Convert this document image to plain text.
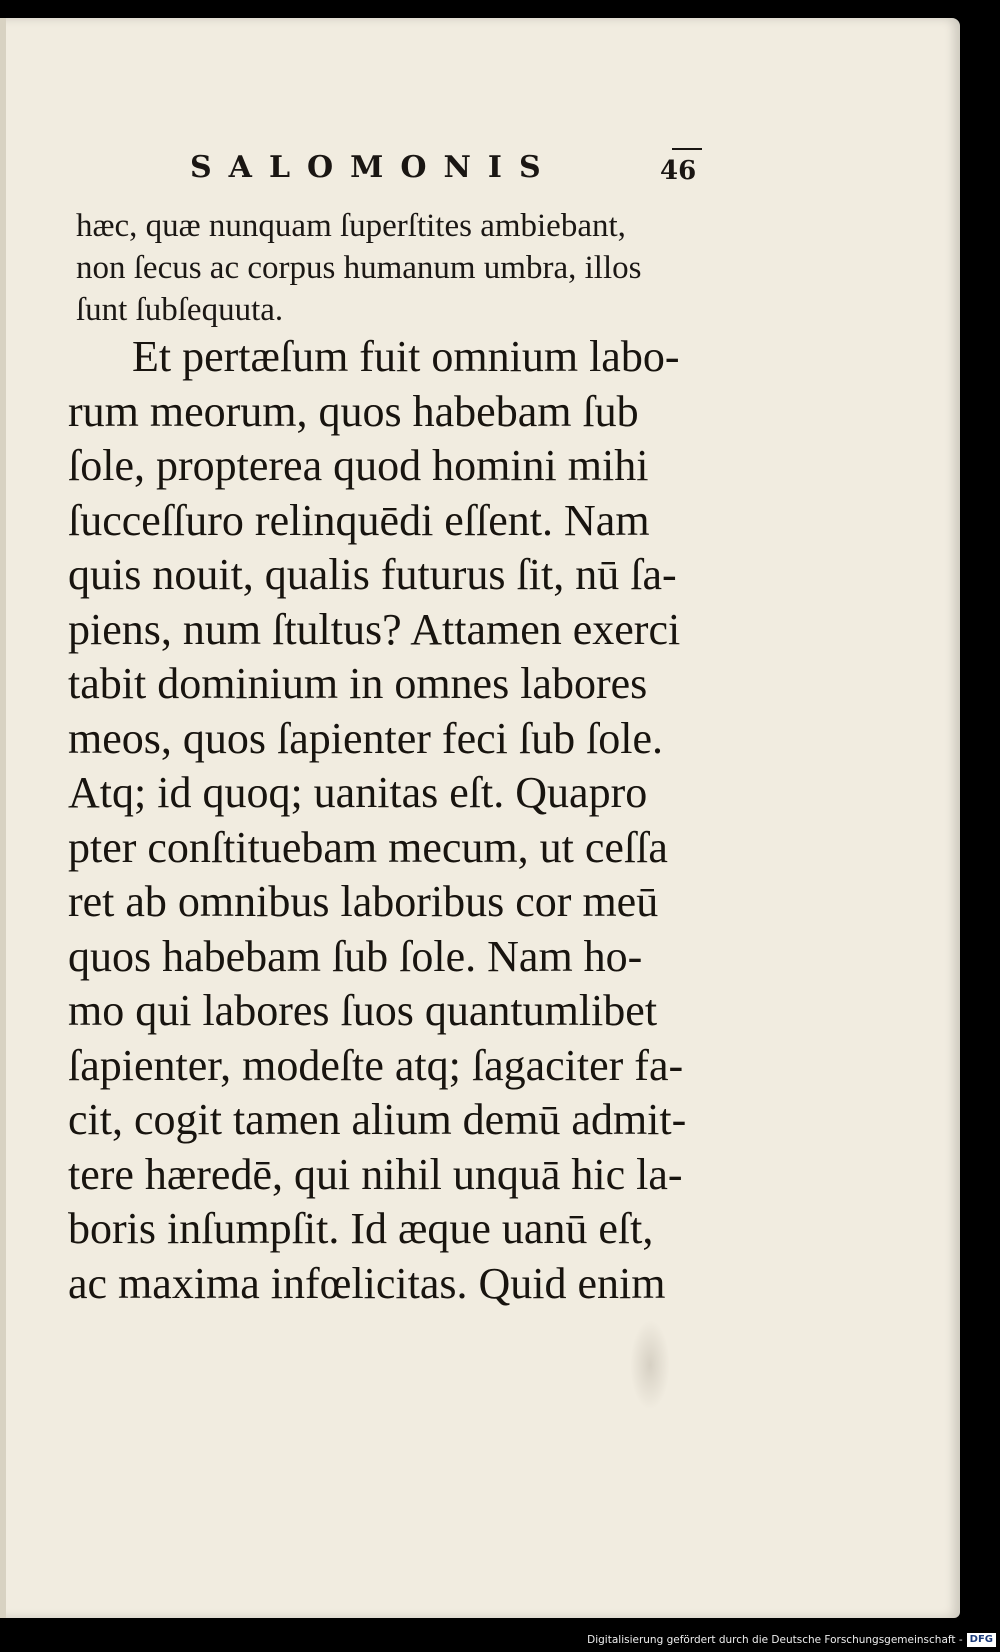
SALOMONIS	46
hæc, quæ nunquam ſuperſtites ambiebant,
non ſecus ac corpus humanum umbra, illos
ſunt ſubſequuta.
Et pertæſum fuit omnium labo-
rum meorum, quos habebam ſub
ſole, propterea quod homini mihi
ſucceſſuro relinquēdi eſſent. Nam
quis nouit, qualis futurus ſit, nū ſa-
piens, num ſtultus? Attamen exerci
tabit dominium in omnes labores
meos, quos ſapienter feci ſub ſole.
Atq; id quoq; uanitas eſt. Quapro
pter conſtituebam mecum, ut ceſſa
ret ab omnibus laboribus cor meū
quos habebam ſub ſole. Nam ho-
mo qui labores ſuos quantumlibet
ſapienter, modeſte atq; ſagaciter fa-
cit, cogit tamen alium demū admit-
tere hæredē, qui nihil unquā hic la-
boris inſumpſit. Id æque uanū eſt,
ac maxima infœlicitas. Quid enim
Digitalisierung gefördert durch die Deutsche Forschungsgemeinschaft - DFG
